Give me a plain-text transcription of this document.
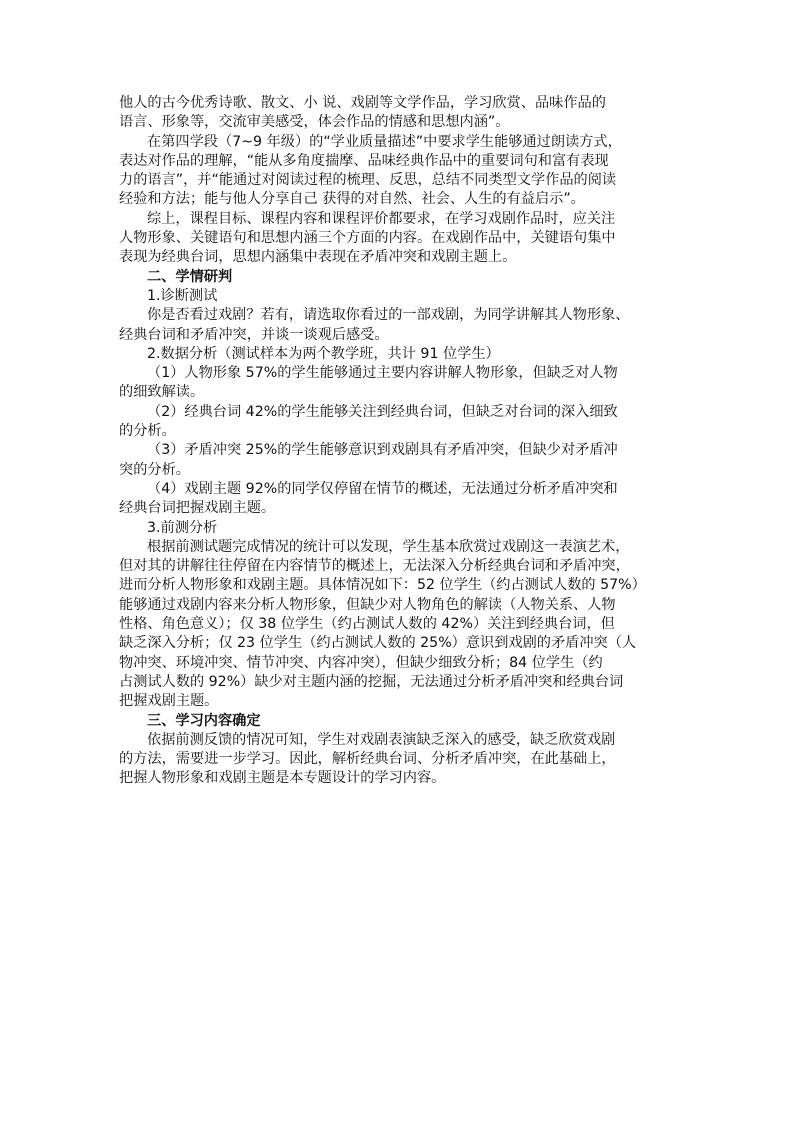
他人的古今优秀诗歌、散文、小 说、戏剧等文学作品，学习欣赏、品味作品的
语言、形象等，交流审美感受，体会作品的情感和思想内涵”。

在第四学段（7~9 年级）的“学业质量描述”中要求学生能够通过朗读方式，
表达对作品的理解，“能从多角度揣摩、品味经典作品中的重要词句和富有表现
力的语言”，并“能通过对阅读过程的梳理、反思，总结不同类型文学作品的阅读
经验和方法；能与他人分享自己 获得的对自然、社会、人生的有益启示”。

综上，课程目标、课程内容和课程评价都要求，在学习戏剧作品时，应关注
人物形象、关键语句和思想内涵三个方面的内容。在戏剧作品中，关键语句集中
表现为经典台词，思想内涵集中表现在矛盾冲突和戏剧主题上。

二、学情研判

1.诊断测试

你是否看过戏剧？若有，请选取你看过的一部戏剧，为同学讲解其人物形象、
经典台词和矛盾冲突，并谈一谈观后感受。

2.数据分析（测试样本为两个教学班，共计 91 位学生）

（1）人物形象 57%的学生能够通过主要内容讲解人物形象，但缺乏对人物
的细致解读。

（2）经典台词 42%的学生能够关注到经典台词，但缺乏对台词的深入细致
的分析。

（3）矛盾冲突 25%的学生能够意识到戏剧具有矛盾冲突，但缺少对矛盾冲
突的分析。

（4）戏剧主题 92%的同学仅停留在情节的概述，无法通过分析矛盾冲突和
经典台词把握戏剧主题。

3.前测分析

根据前测试题完成情况的统计可以发现，学生基本欣赏过戏剧这一表演艺术，
但对其的讲解往往停留在内容情节的概述上，无法深入分析经典台词和矛盾冲突，
进而分析人物形象和戏剧主题。具体情况如下：52 位学生（约占测试人数的 57%）
能够通过戏剧内容来分析人物形象，但缺少对人物角色的解读（人物关系、人物
性格、角色意义）；仅 38 位学生（约占测试人数的 42%）关注到经典台词，但
缺乏深入分析；仅 23 位学生（约占测试人数的 25%）意识到戏剧的矛盾冲突（人
物冲突、环境冲突、情节冲突、内容冲突），但缺少细致分析；84 位学生（约
占测试人数的 92%）缺少对主题内涵的挖掘，无法通过分析矛盾冲突和经典台词
把握戏剧主题。

三、学习内容确定

依据前测反馈的情况可知，学生对戏剧表演缺乏深入的感受，缺乏欣赏戏剧
的方法，需要进一步学习。因此，解析经典台词、分析矛盾冲突，在此基础上，
把握人物形象和戏剧主题是本专题设计的学习内容。
